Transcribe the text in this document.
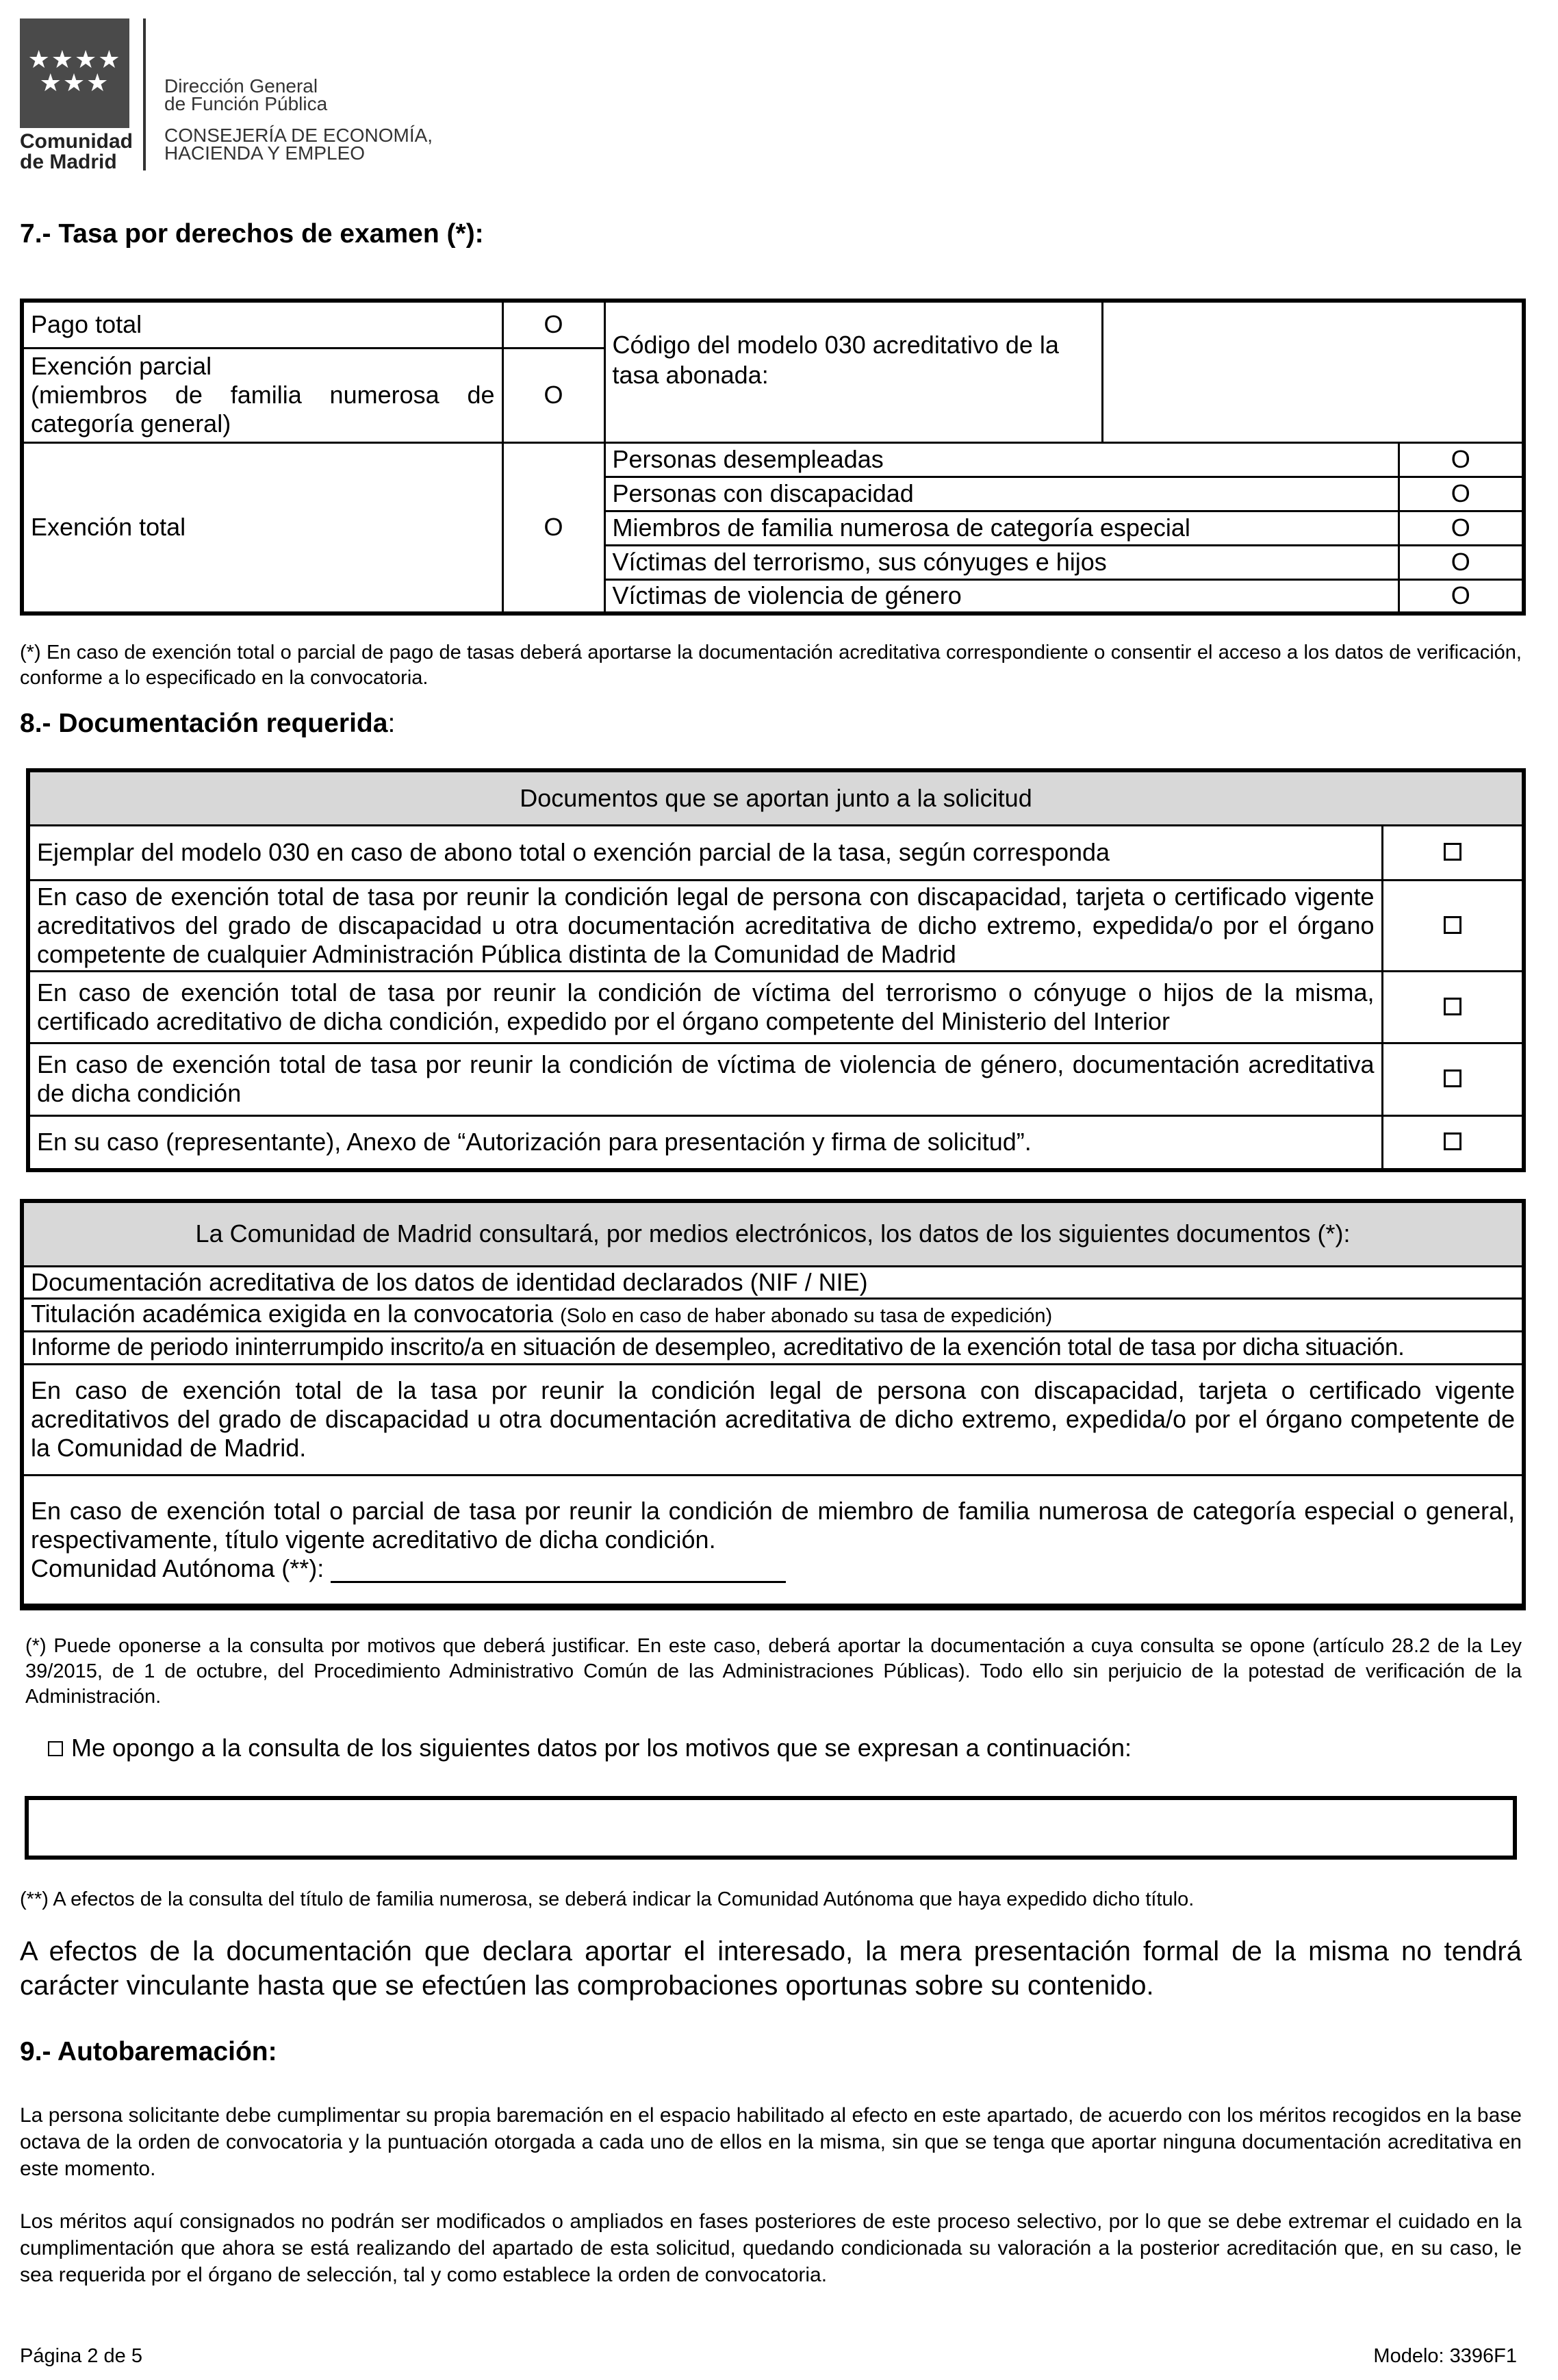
★★★★ ★★★
Comunidad
de Madrid
Dirección General
de Función Pública
CONSEJERÍA DE ECONOMÍA,
HACIENDA Y EMPLEO
7.- Tasa por derechos de examen (*):
Pago total	O	Código del modelo 030 acreditativo de la tasa abonada:		

Exención parcial
(miembros de familia numerosa de categoría general)	O			
Exención total	O	Personas desempleadas		O
		Personas con discapacidad		O
		Miembros de familia numerosa de categoría especial		O
		Víctimas del terrorismo, sus cónyuges e hijos		O
		Víctimas de violencia de género		O
(*) En caso de exención total o parcial de pago de tasas deberá aportarse la documentación acreditativa correspondiente o consentir el acceso a los datos de verificación, conforme a lo especificado en la convocatoria.
8.- Documentación requerida:
Documentos que se aportan junto a la solicitud	
Ejemplar del modelo 030 en caso de abono total o exención parcial de la tasa, según corresponda	
En caso de exención total de tasa por reunir la condición legal de persona con discapacidad, tarjeta o certificado vigente acreditativos del grado de discapacidad u otra documentación acreditativa de dicho extremo, expedida/o por el órgano competente de cualquier Administración Pública distinta de la Comunidad de Madrid	
En caso de exención total de tasa por reunir la condición de víctima del terrorismo o cónyuge o hijos de la misma, certificado acreditativo de dicha condición, expedido por el órgano competente del Ministerio del Interior	
En caso de exención total de tasa por reunir la condición de víctima de violencia de género, documentación acreditativa de dicha condición	
En su caso (representante), Anexo de “Autorización para presentación y firma de solicitud”.	
La Comunidad de Madrid consultará, por medios electrónicos, los datos de los siguientes documentos (*):
Documentación acreditativa de los datos de identidad declarados (NIF / NIE)
Titulación académica exigida en la convocatoria (Solo en caso de haber abonado su tasa de expedición)
Informe de periodo ininterrumpido inscrito/a en situación de desempleo, acreditativo de la exención total de tasa por dicha situación.
En caso de exención total de la tasa por reunir la condición legal de persona con discapacidad, tarjeta o certificado vigente acreditativos del grado de discapacidad u otra documentación acreditativa de dicho extremo, expedida/o por el órgano competente de la Comunidad de Madrid.

En caso de exención total o parcial de tasa por reunir la condición de miembro de familia numerosa de categoría especial o general, respectivamente, título vigente acreditativo de dicha condición.
Comunidad Autónoma (**):
(*) Puede oponerse a la consulta por motivos que deberá justificar. En este caso, deberá aportar la documentación a cuya consulta se opone (artículo 28.2 de la Ley 39/2015, de 1 de octubre, del Procedimiento Administrativo Común de las Administraciones Públicas). Todo ello sin perjuicio de la potestad de verificación de la Administración.
Me opongo a la consulta de los siguientes datos por los motivos que se expresan a continuación:
(**) A efectos de la consulta del título de familia numerosa, se deberá indicar la Comunidad Autónoma que haya expedido dicho título.
A efectos de la documentación que declara aportar el interesado, la mera presentación formal de la misma no tendrá carácter vinculante hasta que se efectúen las comprobaciones oportunas sobre su contenido.
9.- Autobaremación:
La persona solicitante debe cumplimentar su propia baremación en el espacio habilitado al efecto en este apartado, de acuerdo con los méritos recogidos en la base octava de la orden de convocatoria y la puntuación otorgada a cada uno de ellos en la misma, sin que se tenga que aportar ninguna documentación acreditativa en este momento.
Los méritos aquí consignados no podrán ser modificados o ampliados en fases posteriores de este proceso selectivo, por lo que se debe extremar el cuidado en la cumplimentación que ahora se está realizando del apartado de esta solicitud, quedando condicionada su valoración a la posterior acreditación que, en su caso, le sea requerida por el órgano de selección, tal y como establece la orden de convocatoria.
Página 2 de 5	Modelo: 3396F1
